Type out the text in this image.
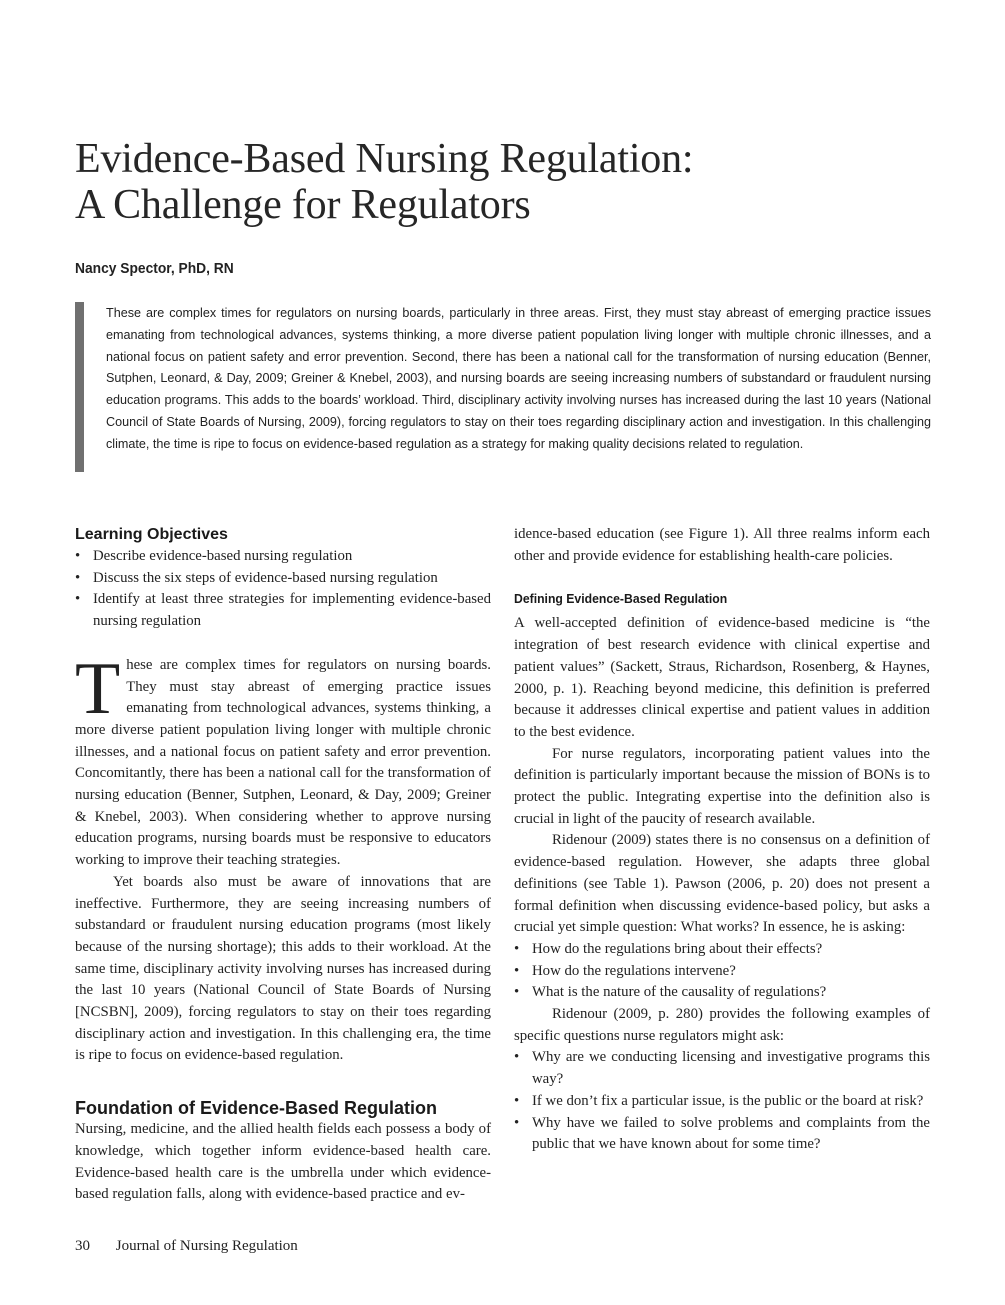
Evidence-Based Nursing Regulation:
A Challenge for Regulators
Nancy Spector, PhD, RN

These are complex times for regulators on nursing boards, particularly in three areas. First, they must stay abreast of emerging practice issues emanating from technological advances, systems thinking, a more diverse patient population living longer with multiple chronic illnesses, and a national focus on patient safety and error prevention. Second, there has been a national call for the transformation of nursing education (Benner, Sutphen, Leonard, & Day, 2009; Greiner & Knebel, 2003), and nursing boards are seeing increasing numbers of substandard or fraudulent nursing education programs. This adds to the boards’ workload. Third, disciplinary activity involving nurses has increased during the last 10 years (National Council of State Boards of Nursing, 2009), forcing regulators to stay on their toes regarding disciplinary action and investigation. In this challenging climate, the time is ripe to focus on evidence-based regulation as a strategy for making quality decisions related to regulation.

Learning Objectives
• Describe evidence-based nursing regulation
• Discuss the six steps of evidence-based nursing regulation
• Identify at least three strategies for implementing evidence-based nursing regulation
T hese are complex times for regulators on nursing boards. They must stay abreast of emerging practice issues emanating from technological advances, systems thinking, a more diverse patient population living longer with multiple chronic illnesses, and a national focus on patient safety and error prevention. Concomitantly, there has been a national call for the transformation of nursing education (Benner, Sutphen, Leonard, & Day, 2009; Greiner & Knebel, 2003). When considering whether to approve nursing education programs, nursing boards must be responsive to educators working to improve their teaching strategies.

Yet boards also must be aware of innovations that are ineffective. Furthermore, they are seeing increasing numbers of substandard or fraudulent nursing education programs (most likely because of the nursing shortage); this adds to their workload. At the same time, disciplinary activity involving nurses has increased during the last 10 years (National Council of State Boards of Nursing [NCSBN], 2009), forcing regulators to stay on their toes regarding disciplinary action and investigation. In this challenging era, the time is ripe to focus on evidence-based regulation.

Foundation of Evidence-Based Regulation

Nursing, medicine, and the allied health fields each possess a body of knowledge, which together inform evidence-based health care. Evidence-based health care is the umbrella under which evidence-based regulation falls, along with evidence-based practice and ev-

idence-based education (see Figure 1). All three realms inform each other and provide evidence for establishing health-care policies.

Defining Evidence-Based Regulation

A well-accepted definition of evidence-based medicine is “the integration of best research evidence with clinical expertise and patient values” (Sackett, Straus, Richardson, Rosenberg, & Haynes, 2000, p. 1). Reaching beyond medicine, this definition is preferred because it addresses clinical expertise and patient values in addition to the best evidence.

For nurse regulators, incorporating patient values into the definition is particularly important because the mission of BONs is to protect the public. Integrating expertise into the definition also is crucial in light of the paucity of research available.

Ridenour (2009) states there is no consensus on a definition of evidence-based regulation. However, she adapts three global definitions (see Table 1). Pawson (2006, p. 20) does not present a formal definition when discussing evidence-based policy, but asks a crucial yet simple question: What works? In essence, he is asking:

• How do the regulations bring about their effects?
• How do the regulations intervene?
• What is the nature of the causality of regulations?

Ridenour (2009, p. 280) provides the following examples of specific questions nurse regulators might ask:

• Why are we conducting licensing and investigative programs this way?
• If we don’t fix a particular issue, is the public or the board at risk?
• Why have we failed to solve problems and complaints from the public that we have known about for some time?
30 Journal of Nursing Regulation
